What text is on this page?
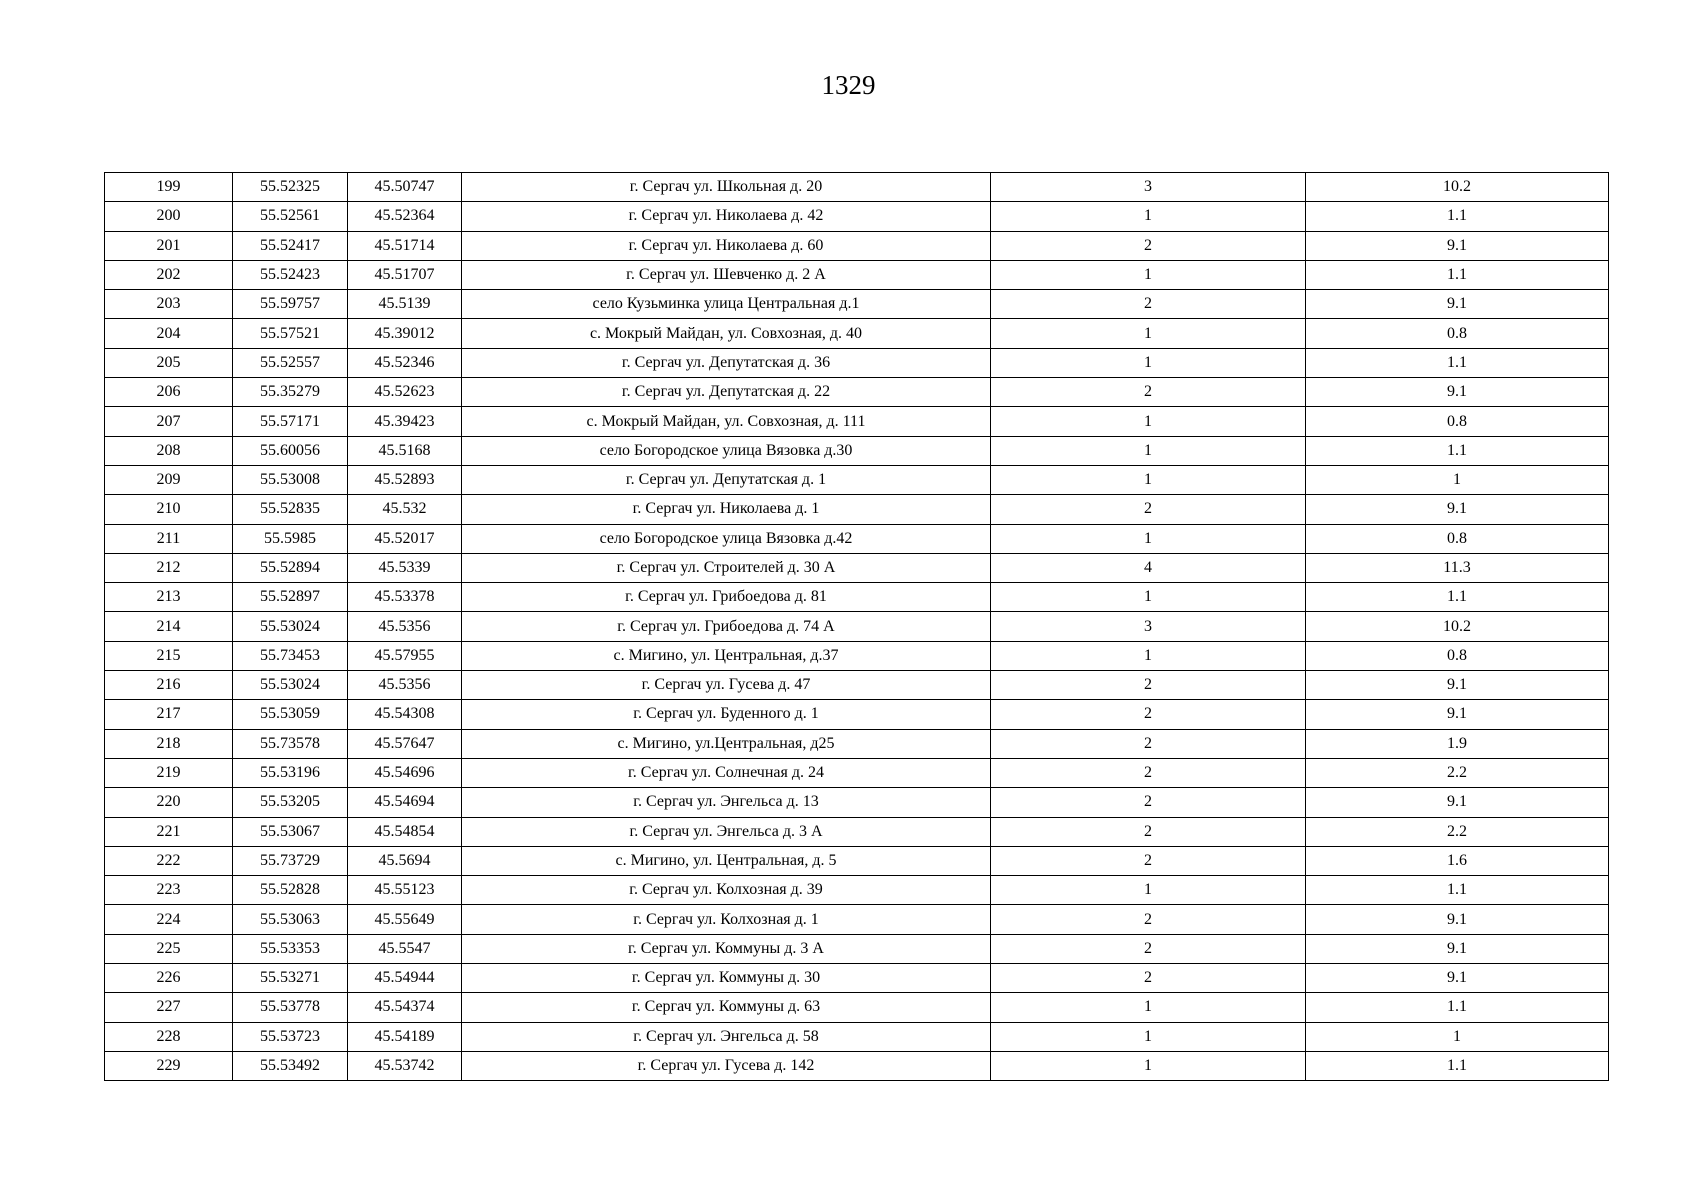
1329
199	55.52325	45.50747	г. Сергач ул. Школьная д. 20	3	10.2
200	55.52561	45.52364	г. Сергач ул. Николаева д. 42	1	1.1
201	55.52417	45.51714	г. Сергач ул. Николаева д. 60	2	9.1
202	55.52423	45.51707	г. Сергач ул. Шевченко д. 2 А	1	1.1
203	55.59757	45.5139	село Кузьминка улица Центральная д.1	2	9.1
204	55.57521	45.39012	с. Мокрый Майдан, ул. Совхозная, д. 40	1	0.8
205	55.52557	45.52346	г. Сергач ул. Депутатская д. 36	1	1.1
206	55.35279	45.52623	г. Сергач ул. Депутатская д. 22	2	9.1
207	55.57171	45.39423	с. Мокрый Майдан, ул. Совхозная, д. 111	1	0.8
208	55.60056	45.5168	село Богородское улица Вязовка д.30	1	1.1
209	55.53008	45.52893	г. Сергач ул. Депутатская д. 1	1	1
210	55.52835	45.532	г. Сергач ул. Николаева д. 1	2	9.1
211	55.5985	45.52017	село Богородское улица Вязовка д.42	1	0.8
212	55.52894	45.5339	г. Сергач ул. Строителей д. 30 А	4	11.3
213	55.52897	45.53378	г. Сергач ул. Грибоедова д. 81	1	1.1
214	55.53024	45.5356	г. Сергач ул. Грибоедова д. 74 А	3	10.2
215	55.73453	45.57955	с. Мигино, ул. Центральная, д.37	1	0.8
216	55.53024	45.5356	г. Сергач ул. Гусева д. 47	2	9.1
217	55.53059	45.54308	г. Сергач ул. Буденного д. 1	2	9.1
218	55.73578	45.57647	с. Мигино, ул.Центральная, д25	2	1.9
219	55.53196	45.54696	г. Сергач ул. Солнечная д. 24	2	2.2
220	55.53205	45.54694	г. Сергач ул. Энгельса д. 13	2	9.1
221	55.53067	45.54854	г. Сергач ул. Энгельса д. 3 А	2	2.2
222	55.73729	45.5694	с. Мигино, ул. Центральная, д. 5	2	1.6
223	55.52828	45.55123	г. Сергач ул. Колхозная д. 39	1	1.1
224	55.53063	45.55649	г. Сергач ул. Колхозная д. 1	2	9.1
225	55.53353	45.5547	г. Сергач ул. Коммуны д. 3 А	2	9.1
226	55.53271	45.54944	г. Сергач ул. Коммуны д. 30	2	9.1
227	55.53778	45.54374	г. Сергач ул. Коммуны д. 63	1	1.1
228	55.53723	45.54189	г. Сергач ул. Энгельса д. 58	1	1
229	55.53492	45.53742	г. Сергач ул. Гусева д. 142	1	1.1
